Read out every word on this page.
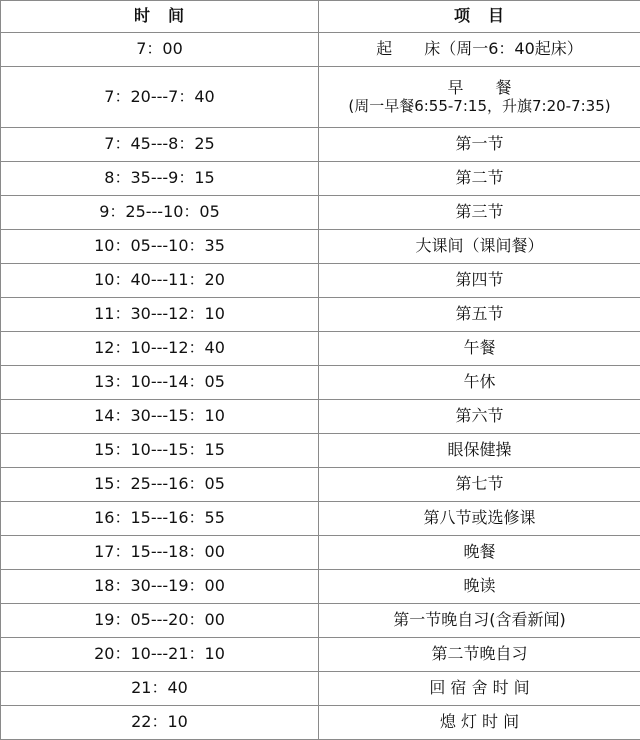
时　间	项　目
7：00	起　　床（周一6：40起床）
7：20---7：40	早　　餐
(周一早餐6:55-7:15，升旗7:20-7:35)

7：45---8：25	第一节
8：35---9：15	第二节
9：25---10：05	第三节
10：05---10：35	大课间（课间餐）
10：40---11：20	第四节
11：30---12：10	第五节
12：10---12：40	午餐
13：10---14：05	午休
14：30---15：10	第六节
15：10---15：15	眼保健操
15：25---16：05	第七节
16：15---16：55	第八节或选修课
17：15---18：00	晚餐
18：30---19：00	晚读
19：05---20：00	第一节晚自习(含看新闻)
20：10---21：10	第二节晚自习
21：40	回 宿 舍 时 间
22：10	熄 灯 时 间
